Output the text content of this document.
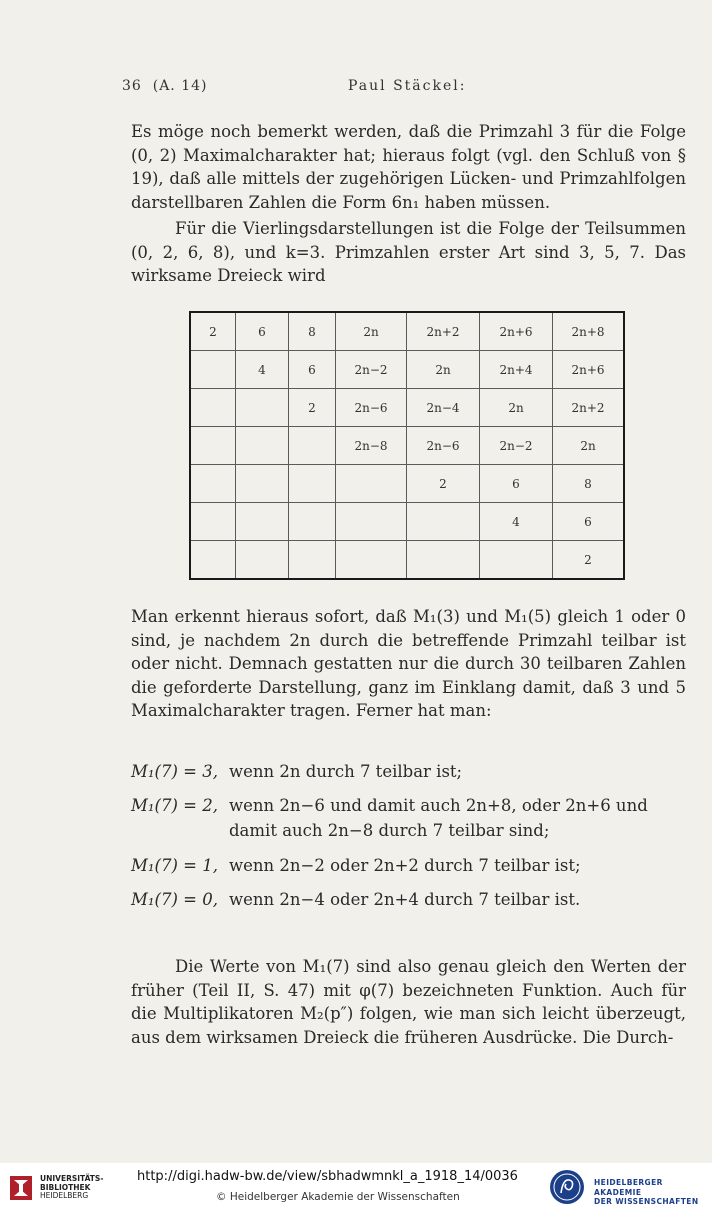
36 (A. 14)	Paul Stäckel:
Es möge noch bemerkt werden, daß die Primzahl 3 für die Folge (0, 2) Maximalcharakter hat; hieraus folgt (vgl. den Schluß von § 19), daß alle mittels der zugehörigen Lücken- und Primzahlfolgen darstellbaren Zahlen die Form 6n₁ haben müssen.
Für die Vierlingsdarstellungen ist die Folge der Teilsummen (0, 2, 6, 8), und k=3. Primzahlen erster Art sind 3, 5, 7. Das wirksame Dreieck wird
2	6	8	2n	2n+2	2n+6	2n+8
	4	6	2n−2	2n	2n+4	2n+6
		2	2n−6	2n−4	2n	2n+2
			2n−8	2n−6	2n−2	2n
				2	6	8
					4	6
						2
Man erkennt hieraus sofort, daß M₁(3) und M₁(5) gleich 1 oder 0 sind, je nachdem 2n durch die betreffende Primzahl teilbar ist oder nicht. Demnach gestatten nur die durch 30 teilbaren Zahlen die geforderte Darstellung, ganz im Einklang damit, daß 3 und 5 Maximalcharakter tragen. Ferner hat man:
M₁(7) = 3, wenn 2n durch 7 teilbar ist;
M₁(7) = 2, wenn 2n−6 und damit auch 2n+8, oder 2n+6 und
damit auch 2n−8 durch 7 teilbar sind;
M₁(7) = 1, wenn 2n−2 oder 2n+2 durch 7 teilbar ist;
M₁(7) = 0, wenn 2n−4 oder 2n+4 durch 7 teilbar ist.
Die Werte von M₁(7) sind also genau gleich den Werten der früher (Teil II, S. 47) mit φ(7) bezeichneten Funktion. Auch für die Multiplikatoren M₂(p″) folgen, wie man sich leicht überzeugt, aus dem wirksamen Dreieck die früheren Ausdrücke. Die Durch-
UNIVERSITÄTS-
BIBLIOTHEK
HEIDELBERG
http://digi.hadw-bw.de/view/sbhadwmnkl_a_1918_14/0036
© Heidelberger Akademie der Wissenschaften
HEIDELBERGER AKADEMIE
DER WISSENSCHAFTEN
